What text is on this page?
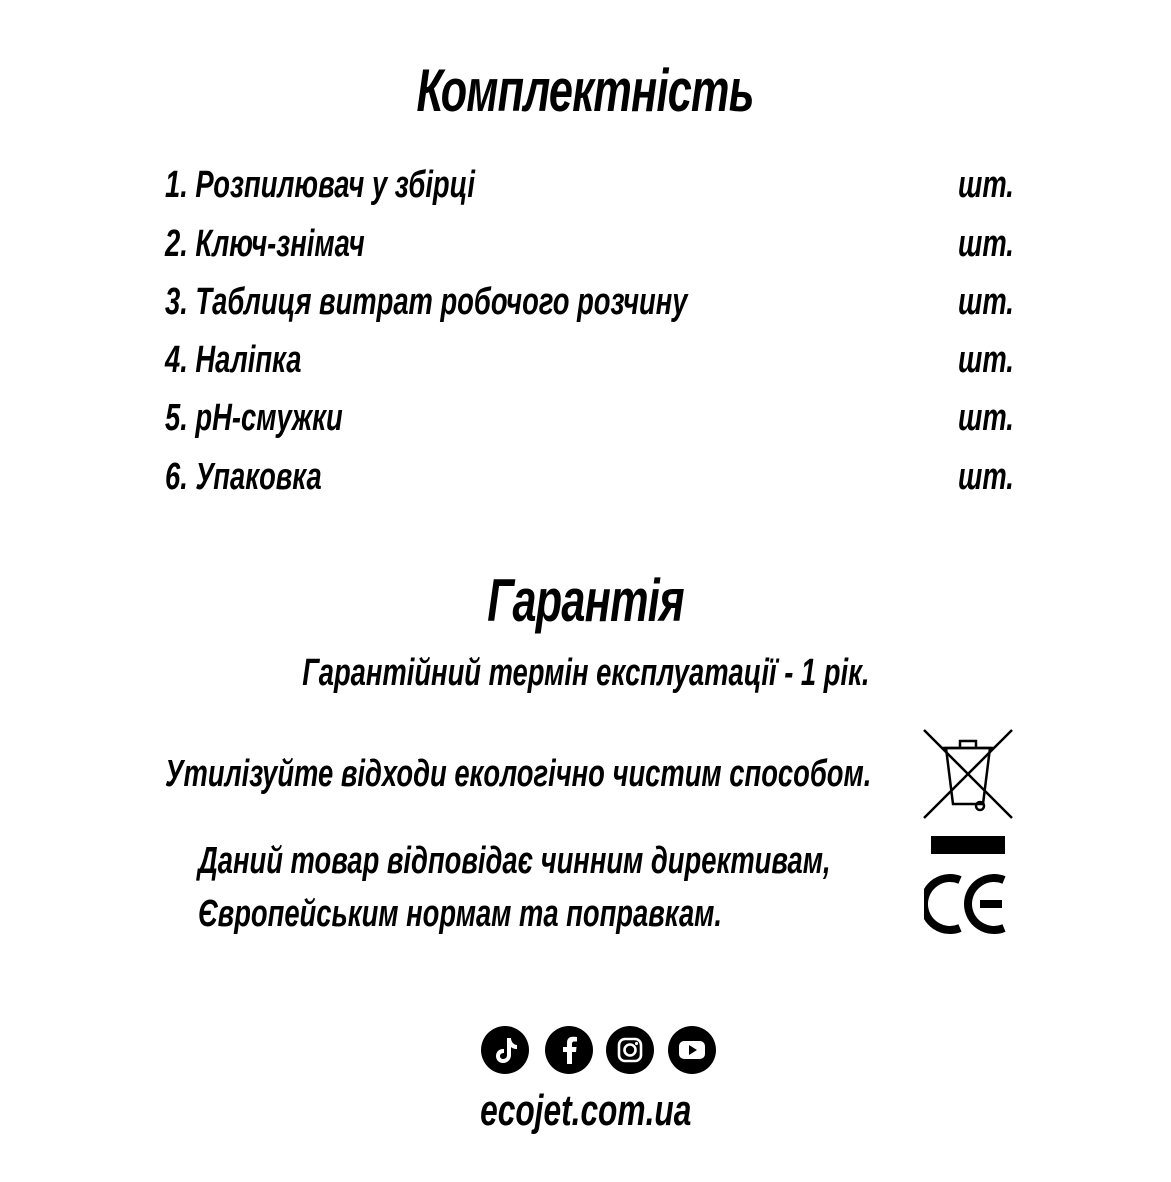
Комплектність
1. Розпилювач у збірці	шт.
2. Ключ-знімач	шт.
3. Таблиця витрат робочого розчину	шт.
4. Наліпка	шт.
5. рН-смужки	шт.
6. Упаковка	шт.
Гарантія
Гарантійний термін експлуатації - 1 рік.
Утилізуйте відходи екологічно чистим способом.
Даний товар відповідає чинним директивам,
Європейським нормам та поправкам.
ecojet.com.ua
